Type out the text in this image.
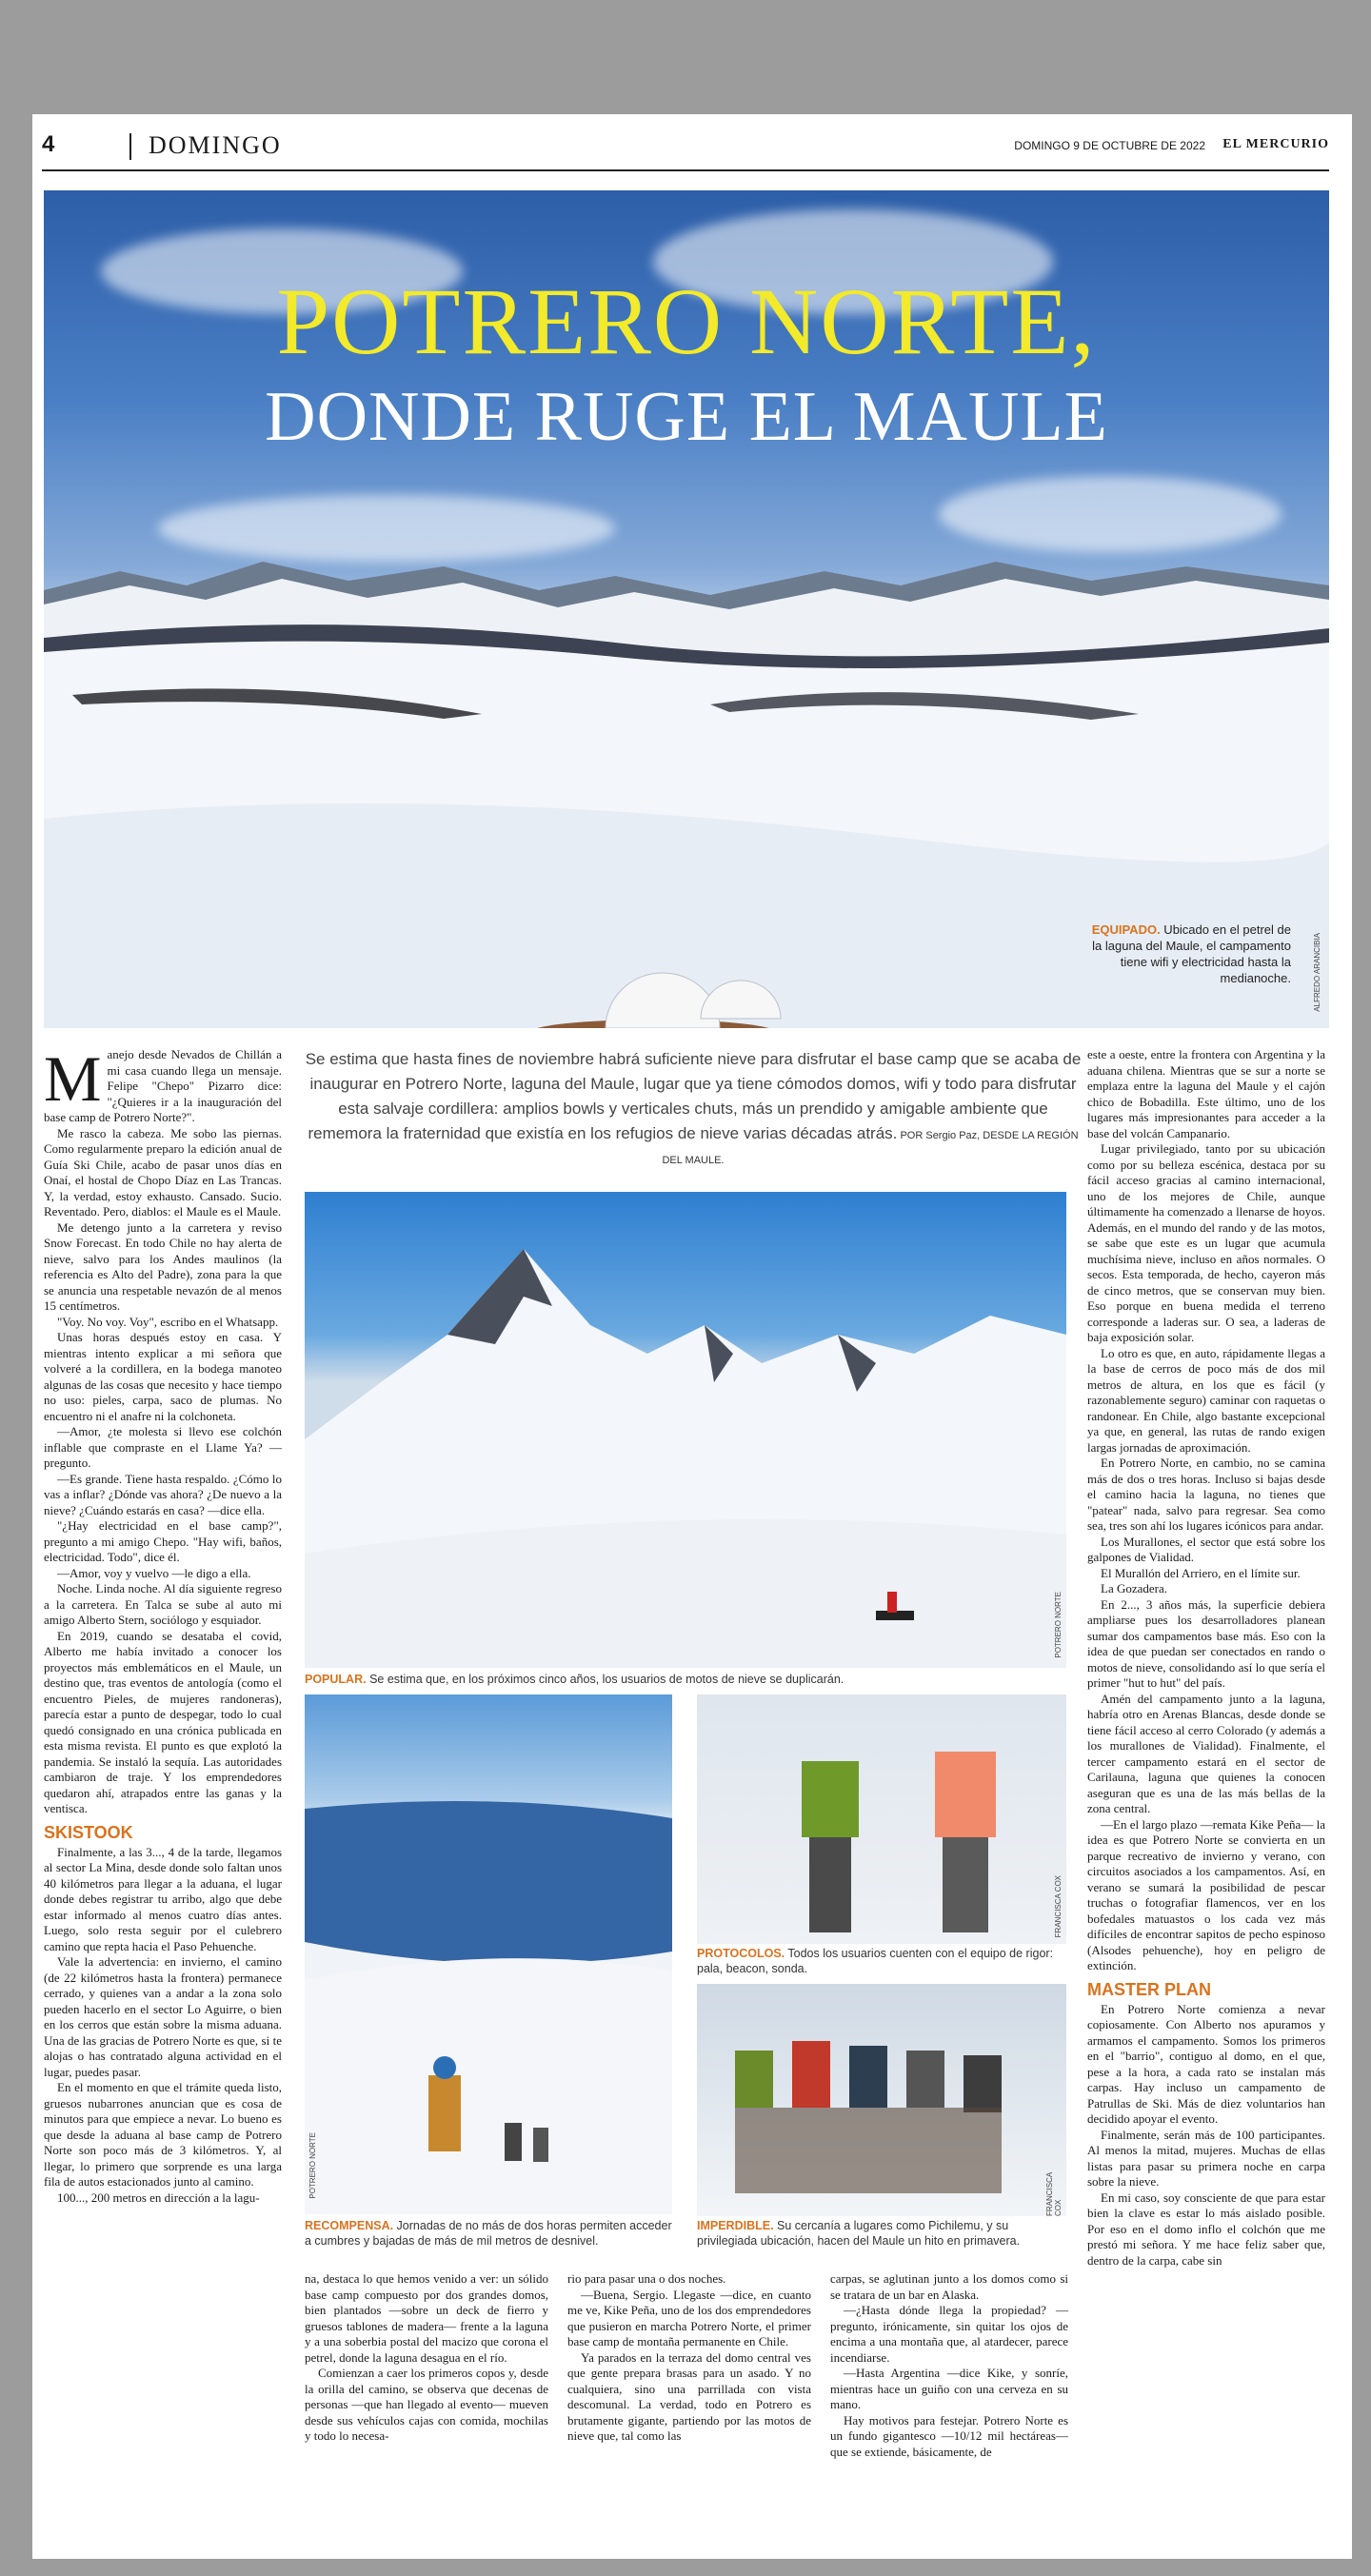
4	DOMINGO	DOMINGO 9 DE OCTUBRE DE 2022 EL MERCURIO
POTRERO NORTE,
DONDE RUGE EL MAULE
EQUIPADO. Ubicado en el petrel de la laguna del Maule, el campamento tiene wifi y electricidad hasta la medianoche.	ALFREDO ARANCIBIA

Manejo desde Nevados de Chillán a mi casa cuando llega un mensaje. Felipe "Chepo" Pizarro dice: "¿Quieres ir a la inauguración del base camp de Potrero Norte?".

Me rasco la cabeza. Me sobo las piernas. Como regularmente preparo la edición anual de Guía Ski Chile, acabo de pasar unos días en Onaí, el hostal de Chopo Díaz en Las Trancas. Y, la verdad, estoy exhausto. Cansado. Sucio. Reventado. Pero, diablos: el Maule es el Maule.

Me detengo junto a la carretera y reviso Snow Forecast. En todo Chile no hay alerta de nieve, salvo para los Andes maulinos (la referencia es Alto del Padre), zona para la que se anuncia una respetable nevazón de al menos 15 centímetros.

"Voy. No voy. Voy", escribo en el Whatsapp.

Unas horas después estoy en casa. Y mientras intento explicar a mi señora que volveré a la cordillera, en la bodega manoteo algunas de las cosas que necesito y hace tiempo no uso: pieles, carpa, saco de plumas. No encuentro ni el anafre ni la colchoneta.

—Amor, ¿te molesta si llevo ese colchón inflable que compraste en el Llame Ya? —pregunto.

—Es grande. Tiene hasta respaldo. ¿Cómo lo vas a inflar? ¿Dónde vas ahora? ¿De nuevo a la nieve? ¿Cuándo estarás en casa? —dice ella.

"¿Hay electricidad en el base camp?", pregunto a mi amigo Chepo. "Hay wifi, baños, electricidad. Todo", dice él.

—Amor, voy y vuelvo —le digo a ella.

Noche. Linda noche. Al día siguiente regreso a la carretera. En Talca se sube al auto mi amigo Alberto Stern, sociólogo y esquiador.

En 2019, cuando se desataba el covid, Alberto me había invitado a conocer los proyectos más emblemáticos en el Maule, un destino que, tras eventos de antología (como el encuentro Pieles, de mujeres randoneras), parecía estar a punto de despegar, todo lo cual quedó consignado en una crónica publicada en esta misma revista. El punto es que explotó la pandemia. Se instaló la sequía. Las autoridades cambiaron de traje. Y los emprendedores quedaron ahí, atrapados entre las ganas y la ventisca.

SKISTOOK

Finalmente, a las 3..., 4 de la tarde, llegamos al sector La Mina, desde donde solo faltan unos 40 kilómetros para llegar a la aduana, el lugar donde debes registrar tu arribo, algo que debe estar informado al menos cuatro días antes. Luego, solo resta seguir por el culebrero camino que repta hacia el Paso Pehuenche.

Vale la advertencia: en invierno, el camino (de 22 kilómetros hasta la frontera) permanece cerrado, y quienes van a andar a la zona solo pueden hacerlo en el sector Lo Aguirre, o bien en los cerros que están sobre la misma aduana. Una de las gracias de Potrero Norte es que, si te alojas o has contratado alguna actividad en el lugar, puedes pasar.

En el momento en que el trámite queda listo, gruesos nubarrones anuncian que es cosa de minutos para que empiece a nevar. Lo bueno es que desde la aduana al base camp de Potrero Norte son poco más de 3 kilómetros. Y, al llegar, lo primero que sorprende es una larga fila de autos estacionados junto al camino.

100..., 200 metros en dirección a la lagu-

Se estima que hasta fines de noviembre habrá suficiente nieve para disfrutar el base camp que se acaba de inaugurar en Potrero Norte, laguna del Maule, lugar que ya tiene cómodos domos, wifi y todo para disfrutar esta salvaje cordillera: amplios bowls y verticales chuts, más un prendido y amigable ambiente que rememora la fraternidad que existía en los refugios de nieve varias décadas atrás. POR Sergio Paz, DESDE LA REGIÓN DEL MAULE.
POTRERO NORTE
POPULAR. Se estima que, en los próximos cinco años, los usuarios de motos de nieve se duplicarán.
POTRERO NORTE
RECOMPENSA. Jornadas de no más de dos horas permiten acceder a cumbres y bajadas de más de mil metros de desnivel.
FRANCISCA COX
PROTOCOLOS. Todos los usuarios cuenten con el equipo de rigor: pala, beacon, sonda.
FRANCISCA COX
IMPERDIBLE. Su cercanía a lugares como Pichilemu, y su privilegiada ubicación, hacen del Maule un hito en primavera.

na, destaca lo que hemos venido a ver: un sólido base camp compuesto por dos grandes domos, bien plantados —sobre un deck de fierro y gruesos tablones de madera— frente a la laguna y a una soberbia postal del macizo que corona el petrel, donde la laguna desagua en el río.

Comienzan a caer los primeros copos y, desde la orilla del camino, se observa que decenas de personas —que han llegado al evento— mueven desde sus vehículos cajas con comida, mochilas y todo lo necesa-

rio para pasar una o dos noches.

—Buena, Sergio. Llegaste —dice, en cuanto me ve, Kike Peña, uno de los dos emprendedores que pusieron en marcha Potrero Norte, el primer base camp de montaña permanente en Chile.

Ya parados en la terraza del domo central ves que gente prepara brasas para un asado. Y no cualquiera, sino una parrillada con vista descomunal. La verdad, todo en Potrero es brutamente gigante, partiendo por las motos de nieve que, tal como las

carpas, se aglutinan junto a los domos como si se tratara de un bar en Alaska.

—¿Hasta dónde llega la propiedad? —pregunto, irónicamente, sin quitar los ojos de encima a una montaña que, al atardecer, parece incendiarse.

—Hasta Argentina —dice Kike, y sonríe, mientras hace un guiño con una cerveza en su mano.

Hay motivos para festejar. Potrero Norte es un fundo gigantesco —10/12 mil hectáreas— que se extiende, básicamente, de

este a oeste, entre la frontera con Argentina y la aduana chilena. Mientras que se sur a norte se emplaza entre la laguna del Maule y el cajón chico de Bobadilla. Este último, uno de los lugares más impresionantes para acceder a la base del volcán Campanario.

Lugar privilegiado, tanto por su ubicación como por su belleza escénica, destaca por su fácil acceso gracias al camino internacional, uno de los mejores de Chile, aunque últimamente ha comenzado a llenarse de hoyos. Además, en el mundo del rando y de las motos, se sabe que este es un lugar que acumula muchísima nieve, incluso en años normales. O secos. Esta temporada, de hecho, cayeron más de cinco metros, que se conservan muy bien. Eso porque en buena medida el terreno corresponde a laderas sur. O sea, a laderas de baja exposición solar.

Lo otro es que, en auto, rápidamente llegas a la base de cerros de poco más de dos mil metros de altura, en los que es fácil (y razonablemente seguro) caminar con raquetas o randonear. En Chile, algo bastante excepcional ya que, en general, las rutas de rando exigen largas jornadas de aproximación.

En Potrero Norte, en cambio, no se camina más de dos o tres horas. Incluso si bajas desde el camino hacia la laguna, no tienes que "patear" nada, salvo para regresar. Sea como sea, tres son ahí los lugares icónicos para andar.

Los Murallones, el sector que está sobre los galpones de Vialidad.

El Murallón del Arriero, en el límite sur.

La Gozadera.

En 2..., 3 años más, la superficie debiera ampliarse pues los desarrolladores planean sumar dos campamentos base más. Eso con la idea de que puedan ser conectados en rando o motos de nieve, consolidando así lo que sería el primer "hut to hut" del país.

Amén del campamento junto a la laguna, habría otro en Arenas Blancas, desde donde se tiene fácil acceso al cerro Colorado (y además a los murallones de Vialidad). Finalmente, el tercer campamento estará en el sector de Carilauna, laguna que quienes la conocen aseguran que es una de las más bellas de la zona central.

—En el largo plazo —remata Kike Peña— la idea es que Potrero Norte se convierta en un parque recreativo de invierno y verano, con circuitos asociados a los campamentos. Así, en verano se sumará la posibilidad de pescar truchas o fotografiar flamencos, ver en los bofedales matuastos o los cada vez más difíciles de encontrar sapitos de pecho espinoso (Alsodes pehuenche), hoy en peligro de extinción.

MASTER PLAN

En Potrero Norte comienza a nevar copiosamente. Con Alberto nos apuramos y armamos el campamento. Somos los primeros en el "barrio", contiguo al domo, en el que, pese a la hora, a cada rato se instalan más carpas. Hay incluso un campamento de Patrullas de Ski. Más de diez voluntarios han decidido apoyar el evento.

Finalmente, serán más de 100 participantes. Al menos la mitad, mujeres. Muchas de ellas listas para pasar su primera noche en carpa sobre la nieve.

En mi caso, soy consciente de que para estar bien la clave es estar lo más aislado posible. Por eso en el domo inflo el colchón que me prestó mi señora. Y me hace feliz saber que, dentro de la carpa, cabe sin
